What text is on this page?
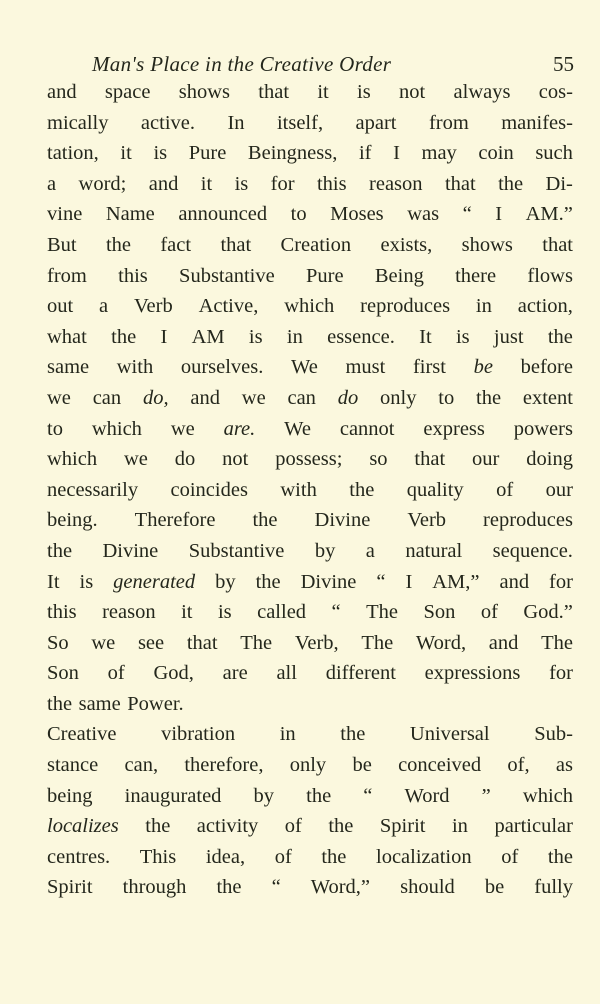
Man's Place in the Creative Order	55
and space shows that it is not always cos-
mically active. In itself, apart from manifes-
tation, it is Pure Beingness, if I may coin such
a word; and it is for this reason that the Di-
vine Name announced to Moses was “ I AM.”
But the fact that Creation exists, shows that
from this Substantive Pure Being there flows
out a Verb Active, which reproduces in action,
what the I AM is in essence. It is just the
same with ourselves. We must first be before
we can do, and we can do only to the extent
to which we are. We cannot express powers
which we do not possess; so that our doing
necessarily coincides with the quality of our
being. Therefore the Divine Verb reproduces
the Divine Substantive by a natural sequence.
It is generated by the Divine “ I AM,” and for
this reason it is called “ The Son of God.”
So we see that The Verb, The Word, and The
Son of God, are all different expressions for
the same Power.
Creative vibration in the Universal Sub-
stance can, therefore, only be conceived of, as
being inaugurated by the “ Word ” which
localizes the activity of the Spirit in particular
centres. This idea, of the localization of the
Spirit through the “ Word,” should be fully
